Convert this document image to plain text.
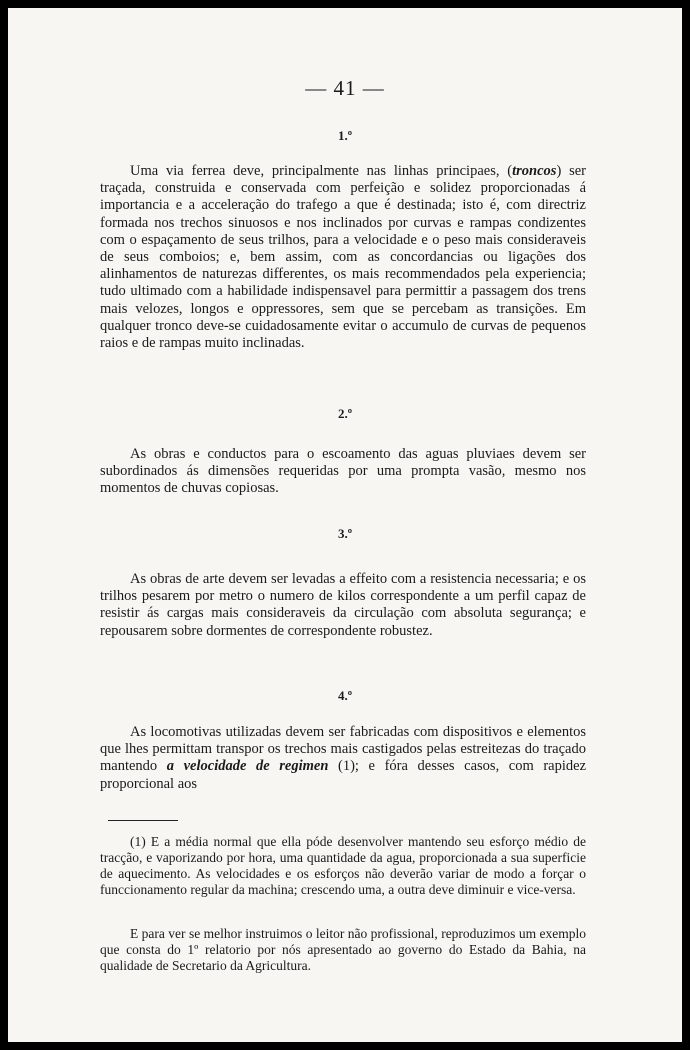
— 41 —
1.º

Uma via ferrea deve, principalmente nas linhas principaes, (troncos) ser traçada, construida e conservada com perfeição e solidez proporcionadas á importancia e a acceleração do trafego a que é destinada; isto é, com directriz formada nos trechos sinuosos e nos inclinados por curvas e rampas condizentes com o espaçamento de seus trilhos, para a velocidade e o peso mais consideraveis de seus comboios; e, bem assim, com as concordancias ou ligações dos alinhamentos de naturezas differentes, os mais recommendados pela experiencia; tudo ultimado com a habilidade indispensavel para permittir a passagem dos trens mais velozes, longos e oppressores, sem que se percebam as transições. Em qualquer tronco deve-se cuidadosamente evitar o accumulo de curvas de pequenos raios e de rampas muito inclinadas.

2.º

As obras e conductos para o escoamento das aguas pluviaes devem ser subordinados ás dimensões requeridas por uma prompta vasão, mesmo nos momentos de chuvas copiosas.

3.º

As obras de arte devem ser levadas a effeito com a resistencia necessaria; e os trilhos pesarem por metro o numero de kilos correspondente a um perfil capaz de resistir ás cargas mais consideraveis da circulação com absoluta segurança; e repousarem sobre dormentes de correspondente robustez.

4.º

As locomotivas utilizadas devem ser fabricadas com dispositivos e elementos que lhes permittam transpor os trechos mais castigados pelas estreitezas do traçado mantendo a velocidade de regimen (1); e fóra desses casos, com rapidez proporcional aos

(1) E a média normal que ella póde desenvolver mantendo seu esforço médio de tracção, e vaporizando por hora, uma quantidade da agua, proporcionada a sua superficie de aquecimento. As velocidades e os esforços não deverão variar de modo a forçar o funccionamento regular da machina; crescendo uma, a outra deve diminuir e vice-versa.

E para ver se melhor instruimos o leitor não profissional, reproduzimos um exemplo que consta do 1º relatorio por nós apresentado ao governo do Estado da Bahia, na qualidade de Secretario da Agricultura.
